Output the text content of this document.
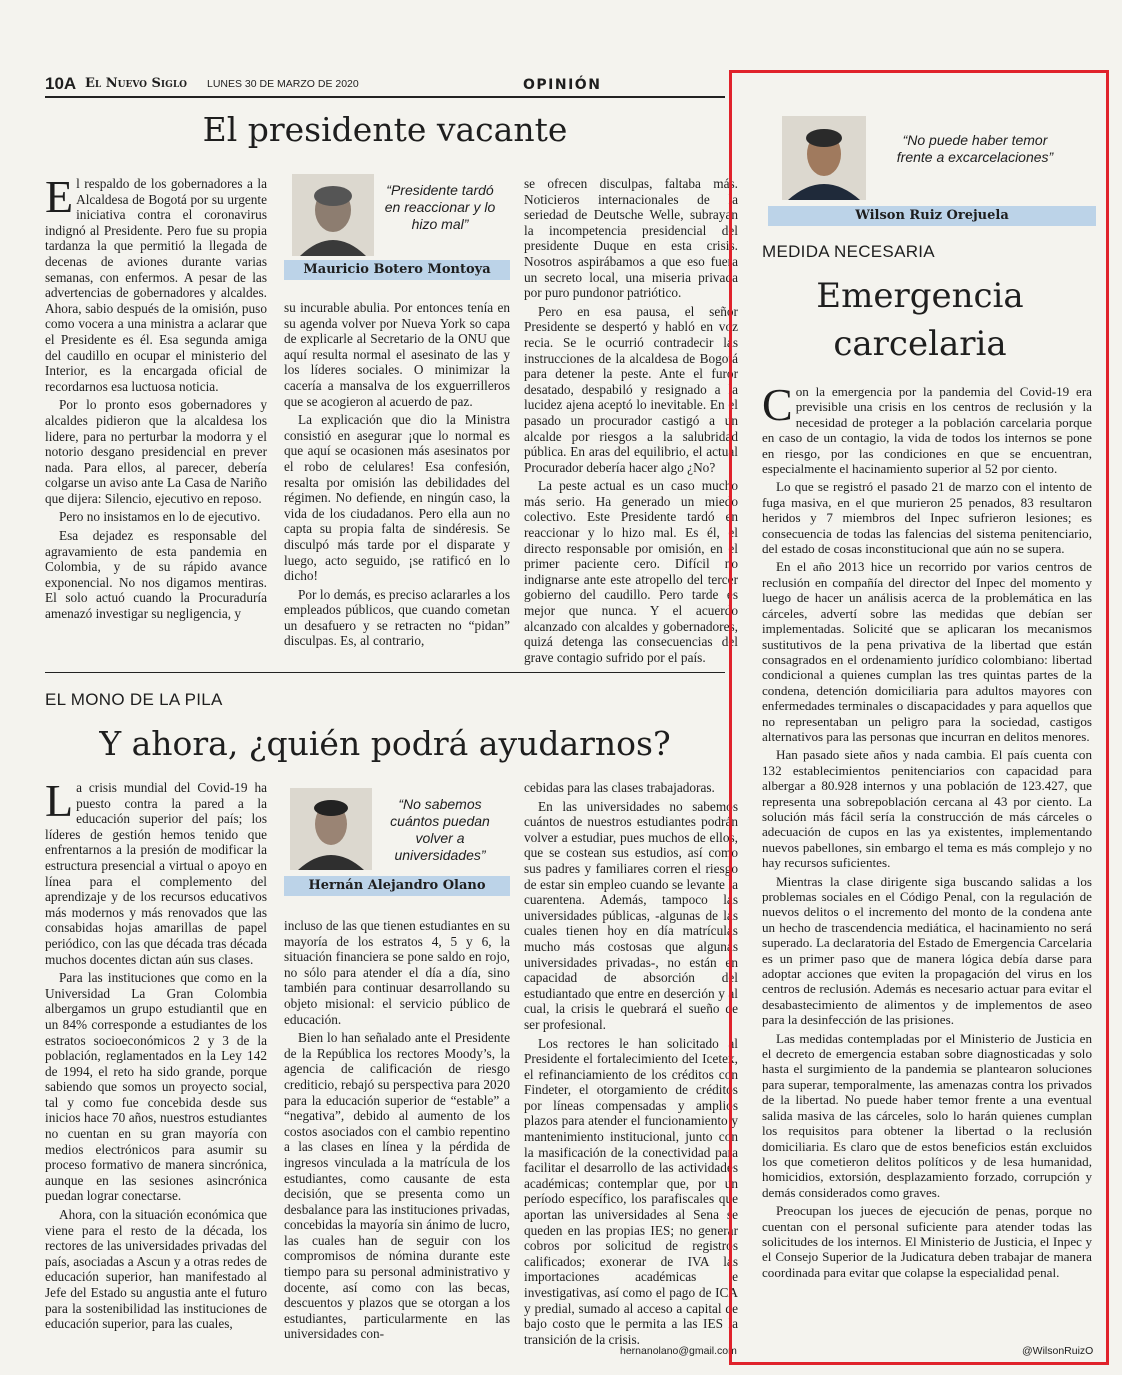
10A El Nuevo Siglo LUNES 30 DE MARZO DE 2020	OPINIÓN
El presidente vacante

El respaldo de los gobernadores a la Alcaldesa de Bogotá por su urgente iniciativa contra el coronavirus indignó al Presidente. Pero fue su propia tardanza la que permitió la llegada de decenas de aviones durante varias semanas, con enfermos. A pesar de las advertencias de gobernadores y alcaldes. Ahora, sabio después de la omisión, puso como vocera a una ministra a aclarar que el Presidente es él. Esa segunda amiga del caudillo en ocupar el ministerio del Interior, es la encargada oficial de recordarnos esa luctuosa noticia.

Por lo pronto esos gobernadores y alcaldes pidieron que la alcaldesa los lidere, para no perturbar la modorra y el notorio desgano presidencial en prever nada. Para ellos, al parecer, debería colgarse un aviso ante La Casa de Nariño que dijera: Silencio, ejecutivo en reposo.

Pero no insistamos en lo de ejecutivo.

Esa dejadez es responsable del agravamiento de esta pandemia en Colombia, y de su rápido avance exponencial. No nos digamos mentiras. El solo actuó cuando la Procuraduría amenazó investigar su negligencia, y

“Presidente tardó en reaccionar y lo hizo mal”
Mauricio Botero Montoya

su incurable abulia. Por entonces tenía en su agenda volver por Nueva York so capa de explicarle al Secretario de la ONU que aquí resulta normal el asesinato de las y los líderes sociales. O minimizar la cacería a mansalva de los exguerrilleros que se acogieron al acuerdo de paz.

La explicación que dio la Ministra consistió en asegurar ¡que lo normal es que aquí se ocasionen más asesinatos por el robo de celulares! Esa confesión, resalta por omisión las debilidades del régimen. No defiende, en ningún caso, la vida de los ciudadanos. Pero ella aun no capta su propia falta de sindéresis. Se disculpó más tarde por el disparate y luego, acto seguido, ¡se ratificó en lo dicho!

Por lo demás, es preciso aclararles a los empleados públicos, que cuando cometan un desafuero y se retracten no “pidan” disculpas. Es, al contrario,

se ofrecen disculpas, faltaba más. Noticieros internacionales de la seriedad de Deutsche Welle, subrayan la incompetencia presidencial del presidente Duque en esta crisis. Nosotros aspirábamos a que eso fuera un secreto local, una miseria privada por puro pundonor patriótico.

Pero en esa pausa, el señor Presidente se despertó y habló en voz recia. Se le ocurrió contradecir las instrucciones de la alcaldesa de Bogotá para detener la peste. Ante el furor desatado, despabiló y resignado a la lucidez ajena aceptó lo inevitable. En el pasado un procurador castigó a un alcalde por riesgos a la salubridad pública. En aras del equilibrio, el actual Procurador debería hacer algo ¿No?

La peste actual es un caso mucho más serio. Ha generado un miedo colectivo. Este Presidente tardó en reaccionar y lo hizo mal. Es él, el directo responsable por omisión, en el primer paciente cero. Difícil no indignarse ante este atropello del tercer gobierno del caudillo. Pero tarde es mejor que nunca. Y el acuerdo alcanzado con alcaldes y gobernadores, quizá detenga las consecuencias del grave contagio sufrido por el país.

EL MONO DE LA PILA
Y ahora, ¿quién podrá ayudarnos?

La crisis mundial del Covid-19 ha puesto contra la pared a la educación superior del país; los líderes de gestión hemos tenido que enfrentarnos a la presión de modificar la estructura presencial a virtual o apoyo en línea para el complemento del aprendizaje y de los recursos educativos más modernos y más renovados que las consabidas hojas amarillas de papel periódico, con las que década tras década muchos docentes dictan aún sus clases.

Para las instituciones que como en la Universidad La Gran Colombia albergamos un grupo estudiantil que en un 84% corresponde a estudiantes de los estratos socioeconómicos 2 y 3 de la población, reglamentados en la Ley 142 de 1994, el reto ha sido grande, porque sabiendo que somos un proyecto social, tal y como fue concebida desde sus inicios hace 70 años, nuestros estudiantes no cuentan en su gran mayoría con medios electrónicos para asumir su proceso formativo de manera sincrónica, aunque en las sesiones asincrónica puedan lograr conectarse.

Ahora, con la situación económica que viene para el resto de la década, los rectores de las universidades privadas del país, asociadas a Ascun y a otras redes de educación superior, han manifestado al Jefe del Estado su angustia ante el futuro para la sostenibilidad las instituciones de educación superior, para las cuales,

“No sabemos cuántos puedan volver a universidades”
Hernán Alejandro Olano

incluso de las que tienen estudiantes en su mayoría de los estratos 4, 5 y 6, la situación financiera se pone saldo en rojo, no sólo para atender el día a día, sino también para continuar desarrollando su objeto misional: el servicio público de educación.

Bien lo han señalado ante el Presidente de la República los rectores Moody’s, la agencia de calificación de riesgo crediticio, rebajó su perspectiva para 2020 para la educación superior de “estable” a “negativa”, debido al aumento de los costos asociados con el cambio repentino a las clases en línea y la pérdida de ingresos vinculada a la matrícula de los estudiantes, como causante de esta decisión, que se presenta como un desbalance para las instituciones privadas, concebidas la mayoría sin ánimo de lucro, las cuales han de seguir con los compromisos de nómina durante este tiempo para su personal administrativo y docente, así como con las becas, descuentos y plazos que se otorgan a los estudiantes, particularmente en las universidades con-

cebidas para las clases trabajadoras.

En las universidades no sabemos cuántos de nuestros estudiantes podrán volver a estudiar, pues muchos de ellos, que se costean sus estudios, así como sus padres y familiares corren el riesgo de estar sin empleo cuando se levante la cuarentena. Además, tampoco las universidades públicas, -algunas de las cuales tienen hoy en día matrículas mucho más costosas que algunas universidades privadas-, no están en capacidad de absorción del estudiantado que entre en deserción y al cual, la crisis le quebrará el sueño de ser profesional.

Los rectores le han solicitado al Presidente el fortalecimiento del Icetex, el refinanciamiento de los créditos con Findeter, el otorgamiento de créditos por líneas compensadas y amplios plazos para atender el funcionamiento y mantenimiento institucional, junto con la masificación de la conectividad para facilitar el desarrollo de las actividades académicas; contemplar que, por un período específico, los parafiscales que aportan las universidades al Sena se queden en las propias IES; no generar cobros por solicitud de registros calificados; exonerar de IVA las importaciones académicas e investigativas, así como el pago de ICA y predial, sumado al acceso a capital de bajo costo que le permita a las IES la transición de la crisis.

hernanolano@gmail.com
“No puede haber temor frente a excarcelaciones”
Wilson Ruiz Orejuela
MEDIDA NECESARIA
Emergencia
carcelaria

Con la emergencia por la pandemia del Covid-19 era previsible una crisis en los centros de reclusión y la necesidad de proteger a la población carcelaria porque en caso de un contagio, la vida de todos los internos se pone en riesgo, por las condiciones en que se encuentran, especialmente el hacinamiento superior al 52 por ciento.

Lo que se registró el pasado 21 de marzo con el intento de fuga masiva, en el que murieron 25 penados, 83 resultaron heridos y 7 miembros del Inpec sufrieron lesiones; es consecuencia de todas las falencias del sistema penitenciario, del estado de cosas inconstitucional que aún no se supera.

En el año 2013 hice un recorrido por varios centros de reclusión en compañía del director del Inpec del momento y luego de hacer un análisis acerca de la problemática en las cárceles, advertí sobre las medidas que debían ser implementadas. Solicité que se aplicaran los mecanismos sustitutivos de la pena privativa de la libertad que están consagrados en el ordenamiento jurídico colombiano: libertad condicional a quienes cumplan las tres quintas partes de la condena, detención domiciliaria para adultos mayores con enfermedades terminales o discapacidades y para aquellos que no representaban un peligro para la sociedad, castigos alternativos para las personas que incurran en delitos menores.

Han pasado siete años y nada cambia. El país cuenta con 132 establecimientos penitenciarios con capacidad para albergar a 80.928 internos y una población de 123.427, que representa una sobrepoblación cercana al 43 por ciento. La solución más fácil sería la construcción de más cárceles o adecuación de cupos en las ya existentes, implementando nuevos pabellones, sin embargo el tema es más complejo y no hay recursos suficientes.

Mientras la clase dirigente siga buscando salidas a los problemas sociales en el Código Penal, con la regulación de nuevos delitos o el incremento del monto de la condena ante un hecho de trascendencia mediática, el hacinamiento no será superado. La declaratoria del Estado de Emergencia Carcelaria es un primer paso que de manera lógica debía darse para adoptar acciones que eviten la propagación del virus en los centros de reclusión. Además es necesario actuar para evitar el desabastecimiento de alimentos y de implementos de aseo para la desinfección de las prisiones.

Las medidas contempladas por el Ministerio de Justicia en el decreto de emergencia estaban sobre diagnosticadas y solo hasta el surgimiento de la pandemia se plantearon soluciones para superar, temporalmente, las amenazas contra los privados de la libertad. No puede haber temor frente a una eventual salida masiva de las cárceles, solo lo harán quienes cumplan los requisitos para obtener la libertad o la reclusión domiciliaria. Es claro que de estos beneficios están excluidos los que cometieron delitos políticos y de lesa humanidad, homicidios, extorsión, desplazamiento forzado, corrupción y demás considerados como graves.

Preocupan los jueces de ejecución de penas, porque no cuentan con el personal suficiente para atender todas las solicitudes de los internos. El Ministerio de Justicia, el Inpec y el Consejo Superior de la Judicatura deben trabajar de manera coordinada para evitar que colapse la especialidad penal.

@WilsonRuizO
